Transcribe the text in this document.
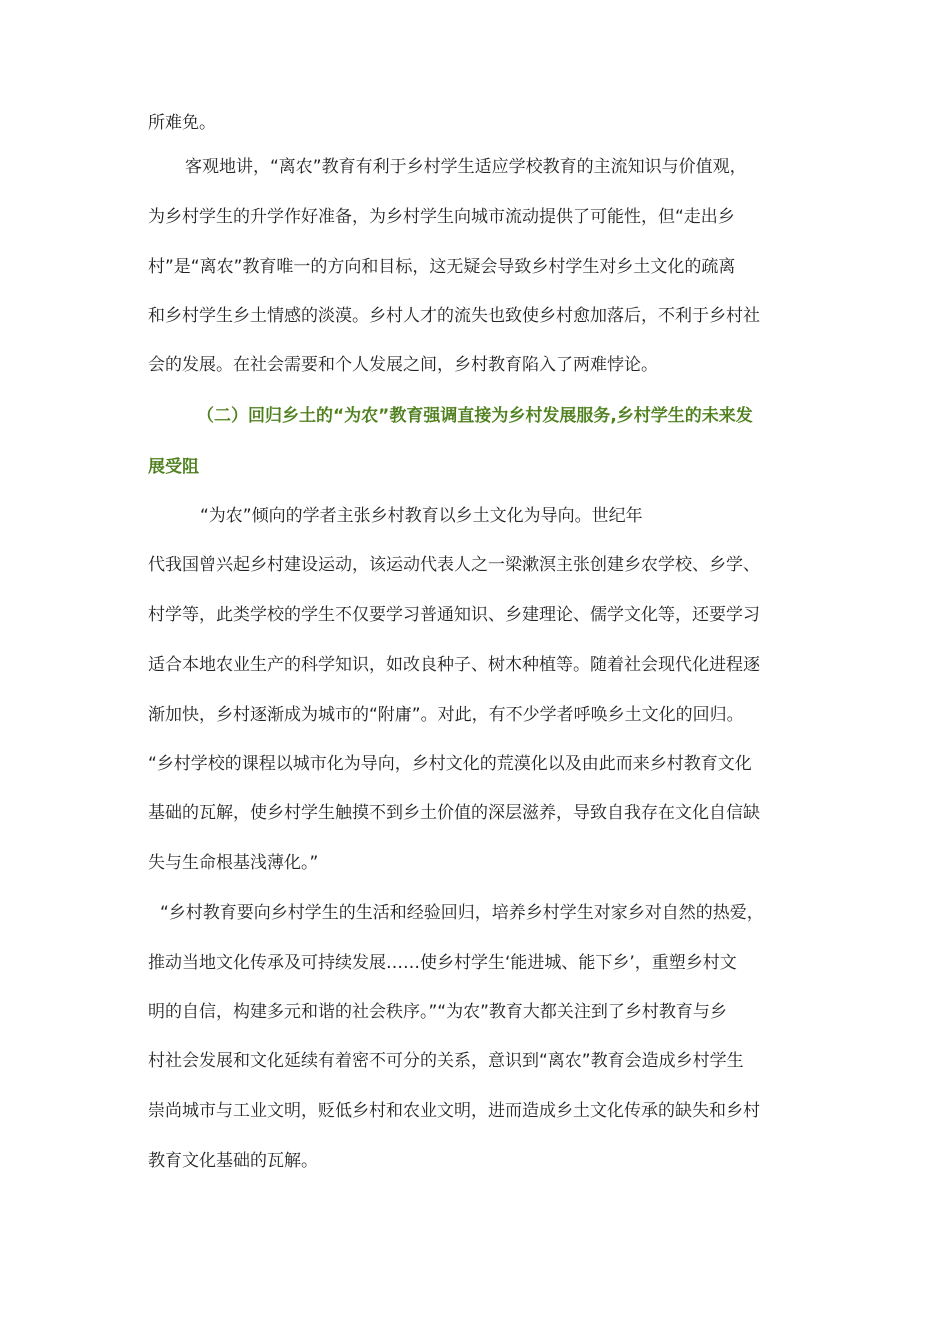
所难免。
客观地讲，“离农”教育有利于乡村学生适应学校教育的主流知识与价值观，
为乡村学生的升学作好准备，为乡村学生向城市流动提供了可能性，但“走出乡
村”是“离农”教育唯一的方向和目标，这无疑会导致乡村学生对乡土文化的疏离
和乡村学生乡土情感的淡漠。乡村人才的流失也致使乡村愈加落后，不利于乡村社
会的发展。在社会需要和个人发展之间，乡村教育陷入了两难悖论。
（二）回归乡土的“为农”教育强调直接为乡村发展服务,乡村学生的未来发
展受阻
“为农”倾向的学者主张乡村教育以乡土文化为导向。世纪年
代我国曾兴起乡村建设运动，该运动代表人之一梁漱溟主张创建乡农学校、乡学、
村学等，此类学校的学生不仅要学习普通知识、乡建理论、儒学文化等，还要学习
适合本地农业生产的科学知识，如改良种子、树木种植等。随着社会现代化进程逐
渐加快，乡村逐渐成为城市的“附庸”。对此，有不少学者呼唤乡土文化的回归。
“乡村学校的课程以城市化为导向，乡村文化的荒漠化以及由此而来乡村教育文化
基础的瓦解，使乡村学生触摸不到乡土价值的深层滋养，导致自我存在文化自信缺
失与生命根基浅薄化。”
“乡村教育要向乡村学生的生活和经验回归，培养乡村学生对家乡对自然的热爱，
推动当地文化传承及可持续发展……使乡村学生‘能进城、能下乡’，重塑乡村文
明的自信，构建多元和谐的社会秩序。”“为农”教育大都关注到了乡村教育与乡
村社会发展和文化延续有着密不可分的关系，意识到“离农”教育会造成乡村学生
崇尚城市与工业文明，贬低乡村和农业文明，进而造成乡土文化传承的缺失和乡村
教育文化基础的瓦解。
